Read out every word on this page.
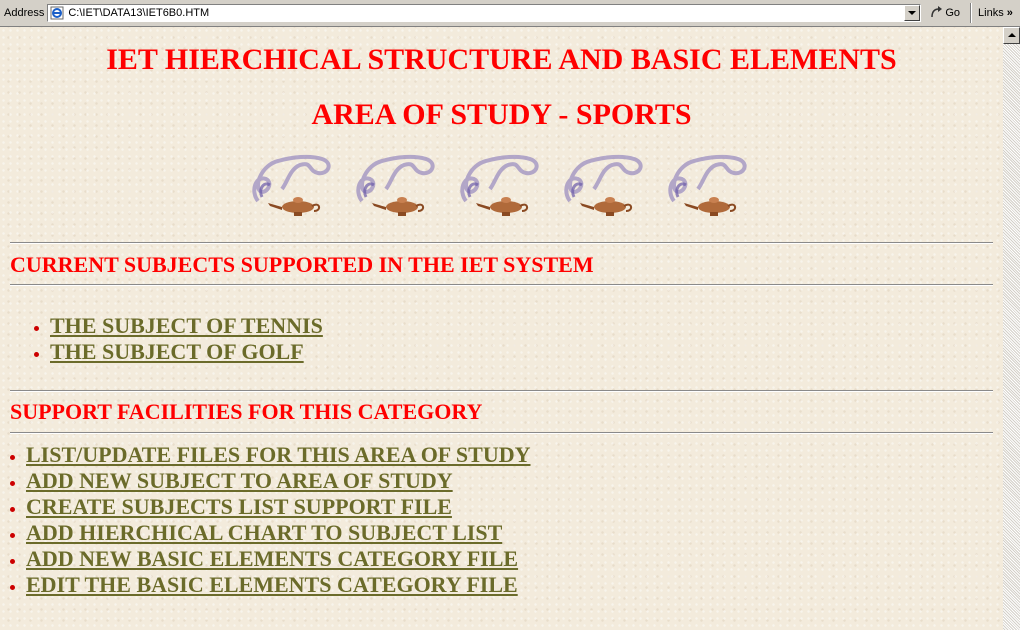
Address C:\IET\DATA13\IET6B0.HTM	Go Links »
IET HIERCHICAL STRUCTURE AND BASIC ELEMENTS
AREA OF STUDY - SPORTS
CURRENT SUBJECTS SUPPORTED IN THE IET SYSTEM
THE SUBJECT OF TENNIS
THE SUBJECT OF GOLF
SUPPORT FACILITIES FOR THIS CATEGORY
LIST/UPDATE FILES FOR THIS AREA OF STUDY
ADD NEW SUBJECT TO AREA OF STUDY
CREATE SUBJECTS LIST SUPPORT FILE
ADD HIERCHICAL CHART TO SUBJECT LIST
ADD NEW BASIC ELEMENTS CATEGORY FILE
EDIT THE BASIC ELEMENTS CATEGORY FILE
